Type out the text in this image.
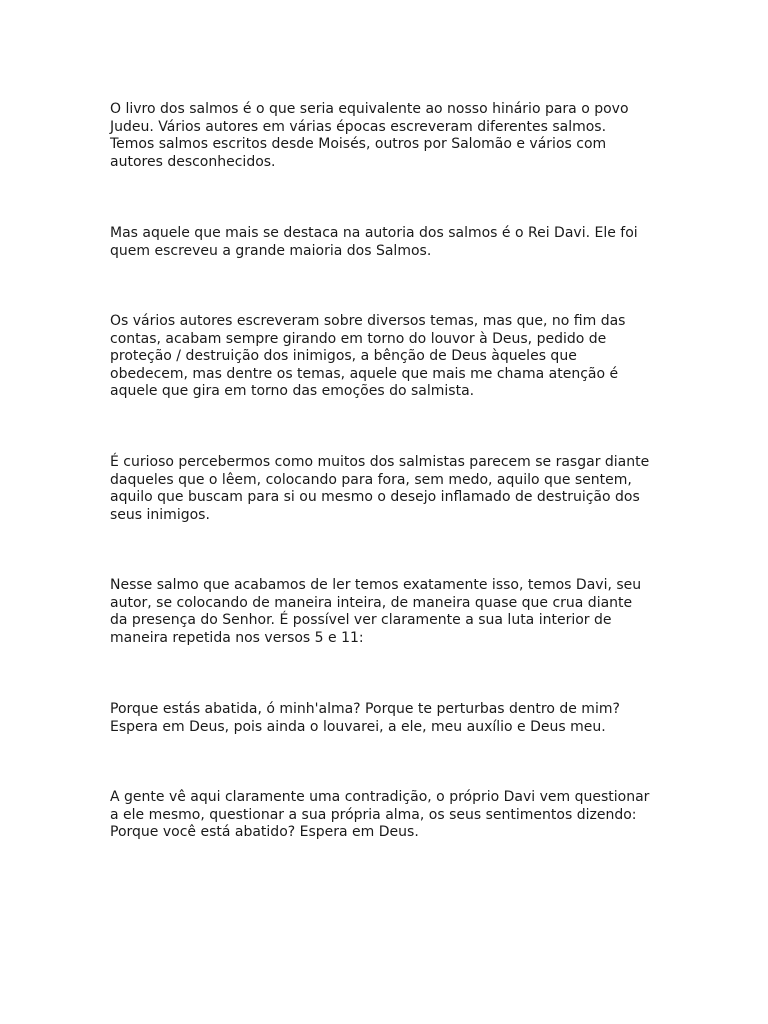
O livro dos salmos é o que seria equivalente ao nosso hinário para o povo
Judeu. Vários autores em várias épocas escreveram diferentes salmos.
Temos salmos escritos desde Moisés, outros por Salomão e vários com
autores desconhecidos.

Mas aquele que mais se destaca na autoria dos salmos é o Rei Davi. Ele foi
quem escreveu a grande maioria dos Salmos.

Os vários autores escreveram sobre diversos temas, mas que, no fim das
contas, acabam sempre girando em torno do louvor à Deus, pedido de
proteção / destruição dos inimigos, a bênção de Deus àqueles que
obedecem, mas dentre os temas, aquele que mais me chama atenção é
aquele que gira em torno das emoções do salmista.

É curioso percebermos como muitos dos salmistas parecem se rasgar diante
daqueles que o lêem, colocando para fora, sem medo, aquilo que sentem,
aquilo que buscam para si ou mesmo o desejo inflamado de destruição dos
seus inimigos.

Nesse salmo que acabamos de ler temos exatamente isso, temos Davi, seu
autor, se colocando de maneira inteira, de maneira quase que crua diante
da presença do Senhor. É possível ver claramente a sua luta interior de
maneira repetida nos versos 5 e 11:

Porque estás abatida, ó minh'alma? Porque te perturbas dentro de mim?
Espera em Deus, pois ainda o louvarei, a ele, meu auxílio e Deus meu.

A gente vê aqui claramente uma contradição, o próprio Davi vem questionar
a ele mesmo, questionar a sua própria alma, os seus sentimentos dizendo:
Porque você está abatido? Espera em Deus.
